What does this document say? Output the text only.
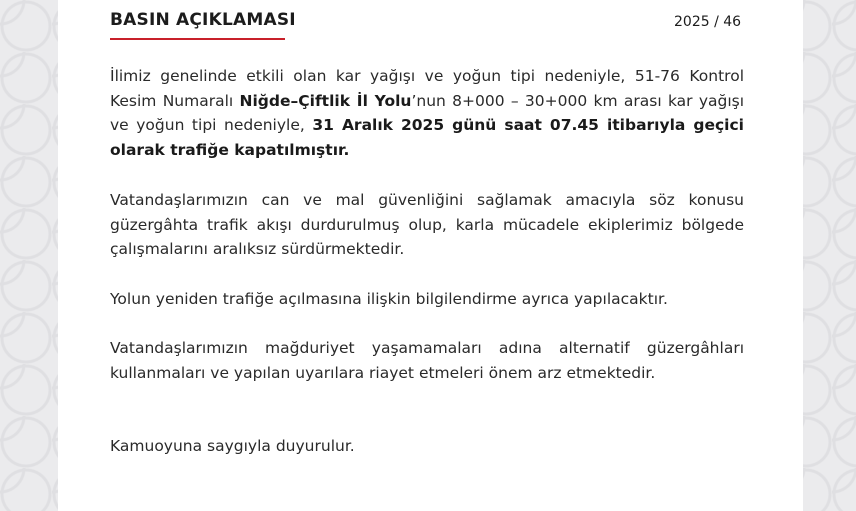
BASIN AÇIKLAMASI	2025 / 46
İlimiz genelinde etkili olan kar yağışı ve yoğun tipi nedeniyle, 51-76 Kontrol Kesim Numaralı Niğde–Çiftlik İl Yolu’nun 8+000 – 30+000 km arası kar yağışı ve yoğun tipi nedeniyle, 31 Aralık 2025 günü saat 07.45 itibarıyla geçici olarak trafiğe kapatılmıştır.
Vatandaşlarımızın can ve mal güvenliğini sağlamak amacıyla söz konusu güzergâhta trafik akışı durdurulmuş olup, karla mücadele ekiplerimiz bölgede çalışmalarını aralıksız sürdürmektedir.
Yolun yeniden trafiğe açılmasına ilişkin bilgilendirme ayrıca yapılacaktır.
Vatandaşlarımızın mağduriyet yaşamamaları adına alternatif güzergâhları kullanmaları ve yapılan uyarılara riayet etmeleri önem arz etmektedir.
Kamuoyuna saygıyla duyurulur.
